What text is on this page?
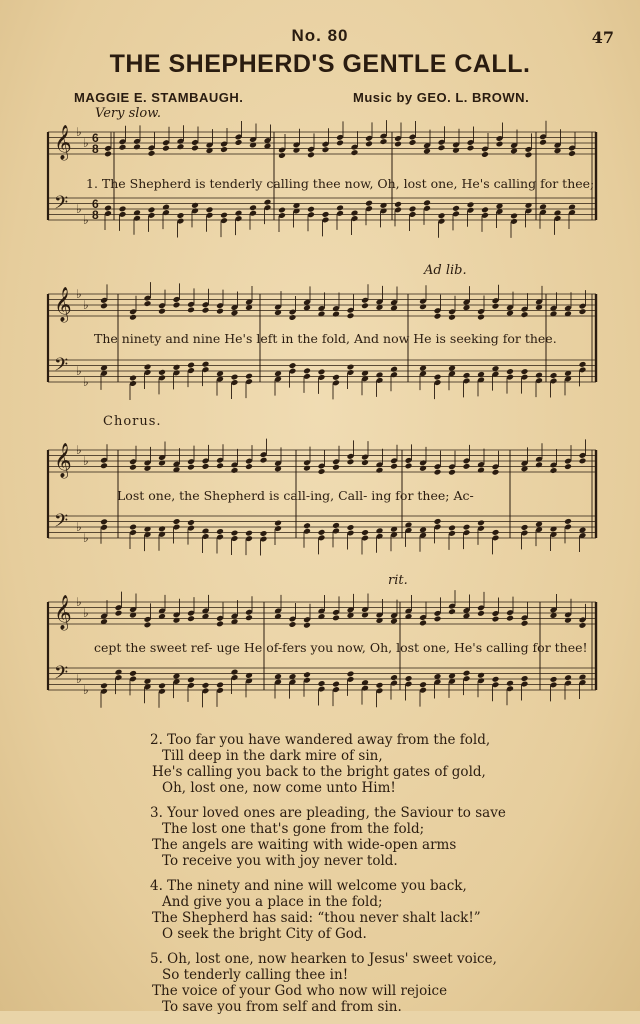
No. 80	47
THE SHEPHERD'S GENTLE CALL.
MAGGIE E. STAMBAUGH.	Music by GEO. L. BROWN.
Very slow.
Ad lib.
Chorus.
rit.
𝄞 ♭
♭ 6
8
𝄢 ♭
♭
6
8
𝄞 ♭
♭
𝄢 ♭
♭
𝄞 ♭
♭
𝄢 ♭
♭
𝄞 ♭
♭
𝄢 ♭
♭
1. The Shepherd is tenderly calling thee now, Oh, lost one, He's calling for thee;
The ninety and nine He's left in the fold, And now He is seeking for thee.
Lost one, the Shepherd is call-ing, Call- ing for thee; Ac-
cept the sweet ref- uge He of-fers you now, Oh, lost one, He's calling for thee!
2. Too far you have wandered away from the fold,
Till deep in the dark mire of sin,
He's calling you back to the bright gates of gold,
Oh, lost one, now come unto Him!
3. Your loved ones are pleading, the Saviour to save
The lost one that's gone from the fold;
The angels are waiting with wide-open arms
To receive you with joy never told.
4. The ninety and nine will welcome you back,
And give you a place in the fold;
The Shepherd has said: “thou never shalt lack!”
O seek the bright City of God.
5. Oh, lost one, now hearken to Jesus' sweet voice,
So tenderly calling thee in!
The voice of your God who now will rejoice
To save you from self and from sin.
